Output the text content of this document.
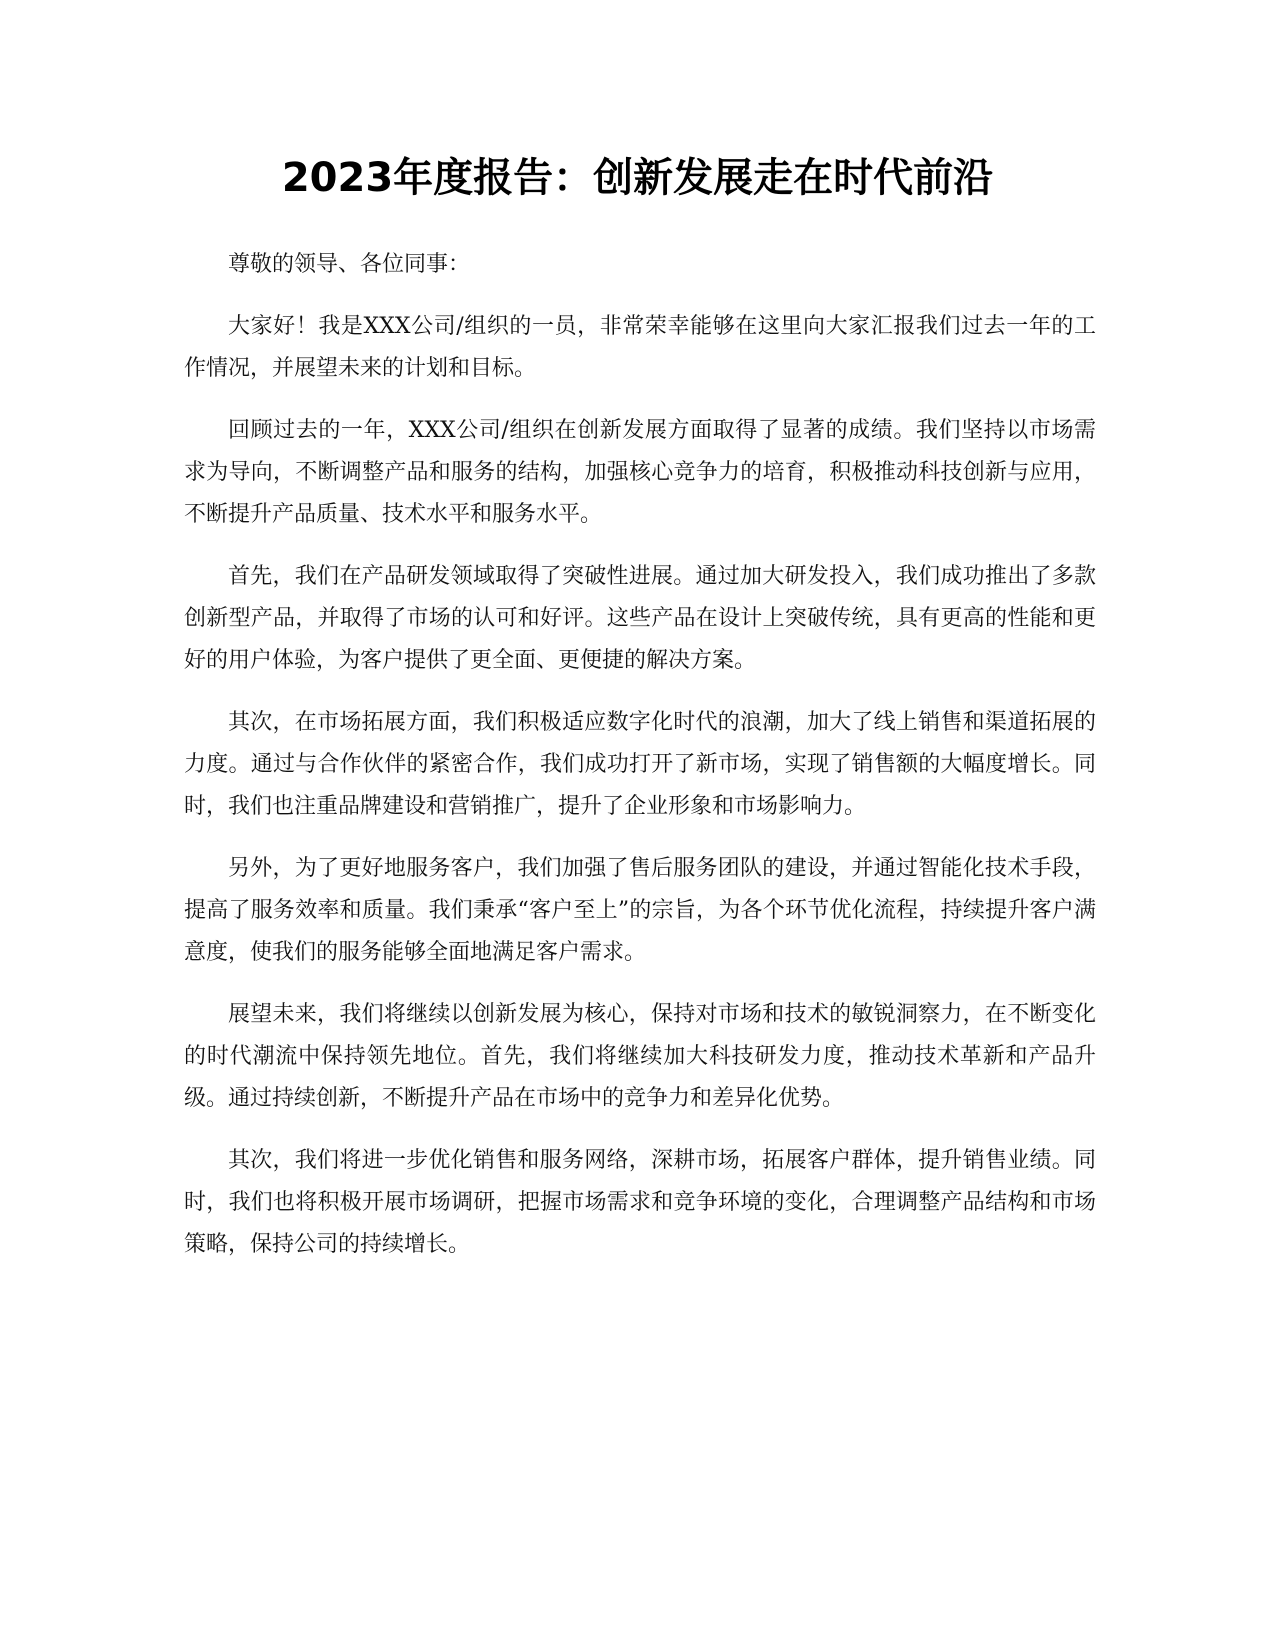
2023年度报告：创新发展走在时代前沿

尊敬的领导、各位同事：

大家好！我是XXX公司/组织的一员，非常荣幸能够在这里向大家汇报我们过去一年的工作情况，并展望未来的计划和目标。

回顾过去的一年，XXX公司/组织在创新发展方面取得了显著的成绩。我们坚持以市场需求为导向，不断调整产品和服务的结构，加强核心竞争力的培育，积极推动科技创新与应用，不断提升产品质量、技术水平和服务水平。

首先，我们在产品研发领域取得了突破性进展。通过加大研发投入，我们成功推出了多款创新型产品，并取得了市场的认可和好评。这些产品在设计上突破传统，具有更高的性能和更好的用户体验，为客户提供了更全面、更便捷的解决方案。

其次，在市场拓展方面，我们积极适应数字化时代的浪潮，加大了线上销售和渠道拓展的力度。通过与合作伙伴的紧密合作，我们成功打开了新市场，实现了销售额的大幅度增长。同时，我们也注重品牌建设和营销推广，提升了企业形象和市场影响力。

另外，为了更好地服务客户，我们加强了售后服务团队的建设，并通过智能化技术手段，提高了服务效率和质量。我们秉承“客户至上”的宗旨，为各个环节优化流程，持续提升客户满意度，使我们的服务能够全面地满足客户需求。

展望未来，我们将继续以创新发展为核心，保持对市场和技术的敏锐洞察力，在不断变化的时代潮流中保持领先地位。首先，我们将继续加大科技研发力度，推动技术革新和产品升级。通过持续创新，不断提升产品在市场中的竞争力和差异化优势。

其次，我们将进一步优化销售和服务网络，深耕市场，拓展客户群体，提升销售业绩。同时，我们也将积极开展市场调研，把握市场需求和竞争环境的变化，合理调整产品结构和市场策略，保持公司的持续增长。
